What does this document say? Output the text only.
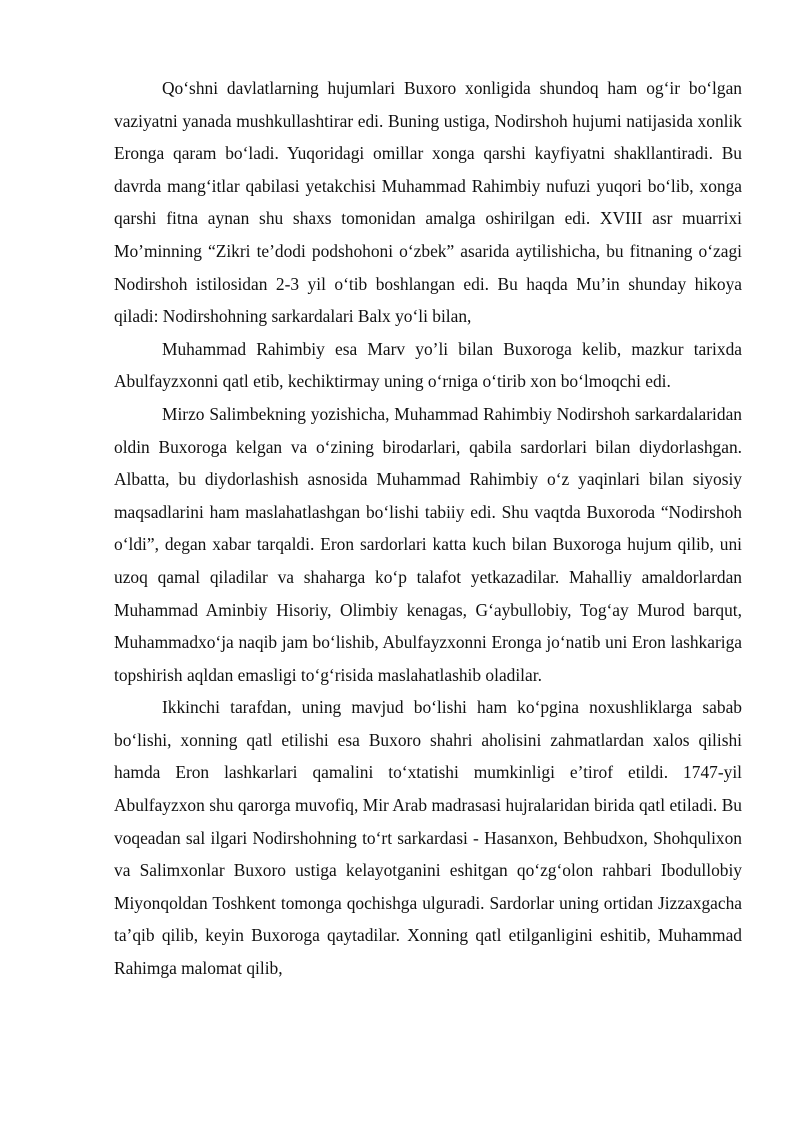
Qo‘shni davlatlarning hujumlari Buxoro xonligida shundoq ham og‘ir bo‘lgan vaziyatni yanada mushkullashtirar edi. Buning ustiga, Nodirshoh hujumi natijasida xonlik Eronga qaram bo‘ladi. Yuqoridagi omillar xonga qarshi kayfiyatni shakllantiradi. Bu davrda mang‘itlar qabilasi yetakchisi Muhammad Rahimbiy nufuzi yuqori bo‘lib, xonga qarshi fitna aynan shu shaxs tomonidan amalga oshirilgan edi. XVIII asr muarrixi Mo’minning “Zikri te’dodi podshohoni o‘zbek” asarida aytilishicha, bu fitnaning o‘zagi Nodirshoh istilosidan 2-3 yil o‘tib boshlangan edi. Bu haqda Mu’in shunday hikoya qiladi: Nodirshohning sarkardalari Balx yo‘li bilan,

Muhammad Rahimbiy esa Marv yo’li bilan Buxoroga kelib, mazkur tarixda Abulfayzxonni qatl etib, kechiktirmay uning o‘rniga o‘tirib xon bo‘lmoqchi edi.

Mirzo Salimbekning yozishicha, Muhammad Rahimbiy Nodirshoh sarkardalaridan oldin Buxoroga kelgan va o‘zining birodarlari, qabila sardorlari bilan diydorlashgan. Albatta, bu diydorlashish asnosida Muhammad Rahimbiy o‘z yaqinlari bilan siyosiy maqsadlarini ham maslahatlashgan bo‘lishi tabiiy edi. Shu vaqtda Buxoroda “Nodirshoh o‘ldi”, degan xabar tarqaldi. Eron sardorlari katta kuch bilan Buxoroga hujum qilib, uni uzoq qamal qiladilar va shaharga ko‘p talafot yetkazadilar. Mahalliy amaldorlardan Muhammad Aminbiy Hisoriy, Olimbiy kenagas, G‘aybullobiy, Tog‘ay Murod barqut, Muhammadxo‘ja naqib jam bo‘lishib, Abulfayzxonni Eronga jo‘natib uni Eron lashkariga topshirish aqldan emasligi to‘g‘risida maslahatlashib oladilar.

Ikkinchi tarafdan, uning mavjud bo‘lishi ham ko‘pgina noxushliklarga sabab bo‘lishi, xonning qatl etilishi esa Buxoro shahri aholisini zahmatlardan xalos qilishi hamda Eron lashkarlari qamalini to‘xtatishi mumkinligi e’tirof etildi. 1747-yil Abulfayzxon shu qarorga muvofiq, Mir Arab madrasasi hujralaridan birida qatl etiladi. Bu voqeadan sal ilgari Nodirshohning to‘rt sarkardasi - Hasanxon, Behbudxon, Shohqulixon va Salimxonlar Buxoro ustiga kelayotganini eshitgan qo‘zg‘olon rahbari Ibodullobiy Miyonqoldan Toshkent tomonga qochishga ulguradi. Sardorlar uning ortidan Jizzaxgacha ta’qib qilib, keyin Buxoroga qaytadilar. Xonning qatl etilganligini eshitib, Muhammad Rahimga malomat qilib,
